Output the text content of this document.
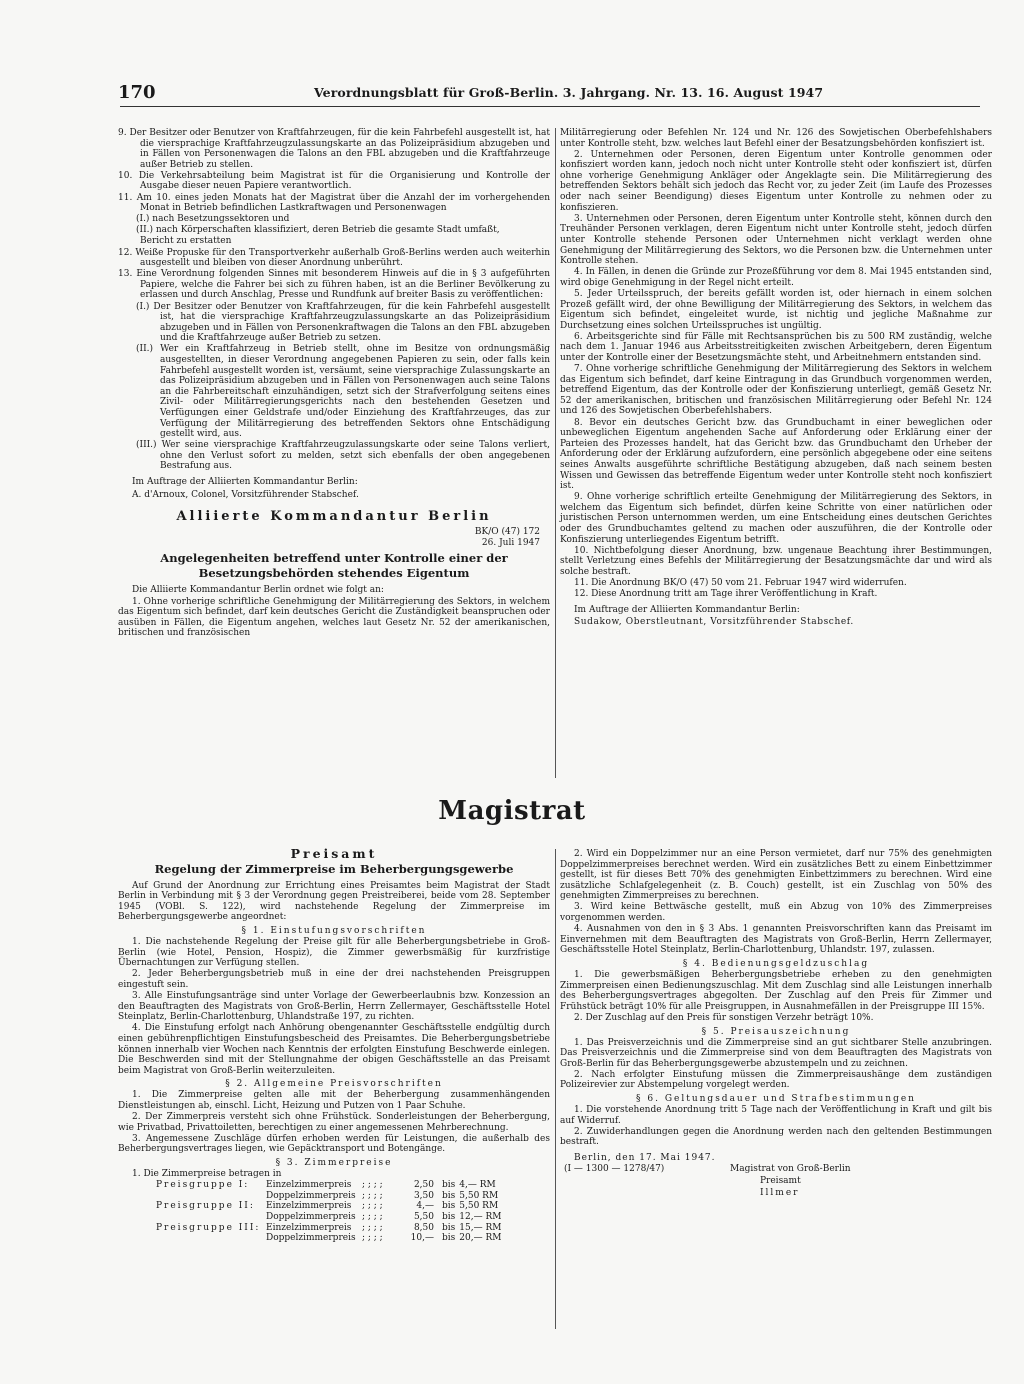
170	Verordnungsblatt für Groß-Berlin. 3. Jahrgang. Nr. 13. 16. August 1947

9. Der Besitzer oder Benutzer von Kraftfahrzeugen, für die kein Fahrbefehl ausgestellt ist, hat die viersprachige Kraftfahrzeugzulassungskarte an das Polizeipräsidium abzugeben und in Fällen von Personenwagen die Talons an den FBL abzugeben und die Kraftfahrzeuge außer Betrieb zu stellen.

10. Die Verkehrsabteilung beim Magistrat ist für die Organisierung und Kontrolle der Ausgabe dieser neuen Papiere verantwortlich.

11. Am 10. eines jeden Monats hat der Magistrat über die Anzahl der im vorhergehenden Monat in Betrieb befindlichen Lastkraftwagen und Personenwagen

(I.) nach Besetzungssektoren und

(II.) nach Körperschaften klassifiziert, deren Betrieb die gesamte Stadt umfaßt,

Bericht zu erstatten

12. Weiße Propuske für den Transportverkehr außerhalb Groß-Berlins werden auch weiterhin ausgestellt und bleiben von dieser Anordnung unberührt.

13. Eine Verordnung folgenden Sinnes mit besonderem Hinweis auf die in § 3 aufgeführten Papiere, welche die Fahrer bei sich zu führen haben, ist an die Berliner Bevölkerung zu erlassen und durch Anschlag, Presse und Rundfunk auf breiter Basis zu veröffentlichen:

(I.) Der Besitzer oder Benutzer von Kraftfahrzeugen, für die kein Fahrbefehl ausgestellt ist, hat die viersprachige Kraftfahrzeugzulassungskarte an das Polizeipräsidium abzugeben und in Fällen von Personenkraftwagen die Talons an den FBL abzugeben und die Kraftfahrzeuge außer Betrieb zu setzen.

(II.) Wer ein Kraftfahrzeug in Betrieb stellt, ohne im Besitze von ordnungsmäßig ausgestellten, in dieser Verordnung angegebenen Papieren zu sein, oder falls kein Fahrbefehl ausgestellt worden ist, versäumt, seine viersprachige Zulassungskarte an das Polizeipräsidium abzugeben und in Fällen von Personenwagen auch seine Talons an die Fahrbereitschaft einzuhändigen, setzt sich der Strafverfolgung seitens eines Zivil- oder Militärregierungsgerichts nach den bestehenden Gesetzen und Verfügungen einer Geldstrafe und/oder Einziehung des Kraftfahrzeuges, das zur Verfügung der Militärregierung des betreffenden Sektors ohne Entschädigung gestellt wird, aus.

(III.) Wer seine viersprachige Kraftfahrzeugzulassungskarte oder seine Talons verliert, ohne den Verlust sofort zu melden, setzt sich ebenfalls der oben angegebenen Bestrafung aus.

Im Auftrage der Alliierten Kommandantur Berlin:

A. d'Arnoux, Colonel, Vorsitzführender Stabschef.

Alliierte Kommandantur Berlin

BK/O (47) 172

26. Juli 1947

Angelegenheiten betreffend unter Kontrolle einer der Besetzungsbehörden stehendes Eigentum

Die Alliierte Kommandantur Berlin ordnet wie folgt an:

1. Ohne vorherige schriftliche Genehmigung der Militärregierung des Sektors, in welchem das Eigentum sich befindet, darf kein deutsches Gericht die Zuständigkeit beanspruchen oder ausüben in Fällen, die Eigentum angehen, welches laut Gesetz Nr. 52 der amerikanischen, britischen und französischen

Militärregierung oder Befehlen Nr. 124 und Nr. 126 des Sowjetischen Oberbefehlshabers unter Kontrolle steht, bzw. welches laut Befehl einer der Besatzungsbehörden konfisziert ist.

2. Unternehmen oder Personen, deren Eigentum unter Kontrolle genommen oder konfisziert worden kann, jedoch noch nicht unter Kontrolle steht oder konfisziert ist, dürfen ohne vorherige Genehmigung Ankläger oder Angeklagte sein. Die Militärregierung des betreffenden Sektors behält sich jedoch das Recht vor, zu jeder Zeit (im Laufe des Prozesses oder nach seiner Beendigung) dieses Eigentum unter Kontrolle zu nehmen oder zu konfiszieren.

3. Unternehmen oder Personen, deren Eigentum unter Kontrolle steht, können durch den Treuhänder Personen verklagen, deren Eigentum nicht unter Kontrolle steht, jedoch dürfen unter Kontrolle stehende Personen oder Unternehmen nicht verklagt werden ohne Genehmigung der Militärregierung des Sektors, wo die Personen bzw. die Unternehmen unter Kontrolle stehen.

4. In Fällen, in denen die Gründe zur Prozeßführung vor dem 8. Mai 1945 entstanden sind, wird obige Genehmigung in der Regel nicht erteilt.

5. Jeder Urteilsspruch, der bereits gefällt worden ist, oder hiernach in einem solchen Prozeß gefällt wird, der ohne Bewilligung der Militärregierung des Sektors, in welchem das Eigentum sich befindet, eingeleitet wurde, ist nichtig und jegliche Maßnahme zur Durchsetzung eines solchen Urteilsspruches ist ungültig.

6. Arbeitsgerichte sind für Fälle mit Rechtsansprüchen bis zu 500 RM zuständig, welche nach dem 1. Januar 1946 aus Arbeitsstreitigkeiten zwischen Arbeitgebern, deren Eigentum unter der Kontrolle einer der Besetzungsmächte steht, und Arbeitnehmern entstanden sind.

7. Ohne vorherige schriftliche Genehmigung der Militärregierung des Sektors in welchem das Eigentum sich befindet, darf keine Eintragung in das Grundbuch vorgenommen werden, betreffend Eigentum, das der Kontrolle oder der Konfiszierung unterliegt, gemäß Gesetz Nr. 52 der amerikanischen, britischen und französischen Militärregierung oder Befehl Nr. 124 und 126 des Sowjetischen Oberbefehlshabers.

8. Bevor ein deutsches Gericht bzw. das Grundbuchamt in einer beweglichen oder unbeweglichen Eigentum angehenden Sache auf Anforderung oder Erklärung einer der Parteien des Prozesses handelt, hat das Gericht bzw. das Grundbuchamt den Urheber der Anforderung oder der Erklärung aufzufordern, eine persönlich abgegebene oder eine seitens seines Anwalts ausgeführte schriftliche Bestätigung abzugeben, daß nach seinem besten Wissen und Gewissen das betreffende Eigentum weder unter Kontrolle steht noch konfisziert ist.

9. Ohne vorherige schriftlich erteilte Genehmigung der Militärregierung des Sektors, in welchem das Eigentum sich befindet, dürfen keine Schritte von einer natürlichen oder juristischen Person unternommen werden, um eine Entscheidung eines deutschen Gerichtes oder des Grundbuchamtes geltend zu machen oder auszuführen, die der Kontrolle oder Konfiszierung unterliegendes Eigentum betrifft.

10. Nichtbefolgung dieser Anordnung, bzw. ungenaue Beachtung ihrer Bestimmungen, stellt Verletzung eines Befehls der Militärregierung der Besatzungsmächte dar und wird als solche bestraft.

11. Die Anordnung BK/O (47) 50 vom 21. Februar 1947 wird widerrufen.

12. Diese Anordnung tritt am Tage ihrer Veröffentlichung in Kraft.

Im Auftrage der Alliierten Kommandantur Berlin:

Sudakow, Oberstleutnant, Vorsitzführender Stabschef.

Magistrat
Preisamt
Regelung der Zimmerpreise im Beherbergungsgewerbe

Auf Grund der Anordnung zur Errichtung eines Preisamtes beim Magistrat der Stadt Berlin in Verbindung mit § 3 der Verordnung gegen Preistreiberei, beide vom 28. September 1945 (VOBl. S. 122), wird nachstehende Regelung der Zimmerpreise im Beherbergungsgewerbe angeordnet:

§ 1. Einstufungsvorschriften

1. Die nachstehende Regelung der Preise gilt für alle Beherbergungsbetriebe in Groß-Berlin (wie Hotel, Pension, Hospiz), die Zimmer gewerbsmäßig für kurzfristige Übernachtungen zur Verfügung stellen.

2. Jeder Beherbergungsbetrieb muß in eine der drei nachstehenden Preisgruppen eingestuft sein.

3. Alle Einstufungsanträge sind unter Vorlage der Gewerbeerlaubnis bzw. Konzession an den Beauftragten des Magistrats von Groß-Berlin, Herrn Zellermayer, Geschäftsstelle Hotel Steinplatz, Berlin-Charlottenburg, Uhlandstraße 197, zu richten.

4. Die Einstufung erfolgt nach Anhörung obengenannter Geschäftsstelle endgültig durch einen gebührenpflichtigen Einstufungsbescheid des Preisamtes. Die Beherbergungsbetriebe können innerhalb vier Wochen nach Kenntnis der erfolgten Einstufung Beschwerde einlegen. Die Beschwerden sind mit der Stellungnahme der obigen Geschäftsstelle an das Preisamt beim Magistrat von Groß-Berlin weiterzuleiten.

§ 2. Allgemeine Preisvorschriften

1. Die Zimmerpreise gelten alle mit der Beherbergung zusammenhängenden Dienstleistungen ab, einschl. Licht, Heizung und Putzen von 1 Paar Schuhe.

2. Der Zimmerpreis versteht sich ohne Frühstück. Sonderleistungen der Beherbergung, wie Privatbad, Privattoiletten, berechtigen zu einer angemessenen Mehrberechnung.

3. Angemessene Zuschläge dürfen erhoben werden für Leistungen, die außerhalb des Beherbergungsvertrages liegen, wie Gepäcktransport und Botengänge.

§ 3. Zimmerpreise

1. Die Zimmerpreise betragen in

Preisgruppe I:	Einzelzimmerpreis	; ; ; ;	2,50	bis	4,— RM
	Doppelzimmerpreis	; ; ; ;	3,50	bis	5,50 RM
Preisgruppe II:	Einzelzimmerpreis	; ; ; ;	4,—	bis	5,50 RM
	Doppelzimmerpreis	; ; ; ;	5,50	bis	12,— RM
Preisgruppe III:	Einzelzimmerpreis	; ; ; ;	8,50	bis	15,— RM
	Doppelzimmerpreis	; ; ; ;	10,—	bis	20,— RM

2. Wird ein Doppelzimmer nur an eine Person vermietet, darf nur 75% des genehmigten Doppelzimmerpreises berechnet werden. Wird ein zusätzliches Bett zu einem Einbettzimmer gestellt, ist für dieses Bett 70% des genehmigten Einbettzimmers zu berechnen. Wird eine zusätzliche Schlafgelegenheit (z. B. Couch) gestellt, ist ein Zuschlag von 50% des genehmigten Zimmerpreises zu berechnen.

3. Wird keine Bettwäsche gestellt, muß ein Abzug von 10% des Zimmerpreises vorgenommen werden.

4. Ausnahmen von den in § 3 Abs. 1 genannten Preisvorschriften kann das Preisamt im Einvernehmen mit dem Beauftragten des Magistrats von Groß-Berlin, Herrn Zellermayer, Geschäftsstelle Hotel Steinplatz, Berlin-Charlottenburg, Uhlandstr. 197, zulassen.

§ 4. Bedienungsgeldzuschlag

1. Die gewerbsmäßigen Beherbergungsbetriebe erheben zu den genehmigten Zimmerpreisen einen Bedienungszuschlag. Mit dem Zuschlag sind alle Leistungen innerhalb des Beherbergungsvertrages abgegolten. Der Zuschlag auf den Preis für Zimmer und Frühstück beträgt 10% für alle Preisgruppen, in Ausnahmefällen in der Preisgruppe III 15%.

2. Der Zuschlag auf den Preis für sonstigen Verzehr beträgt 10%.

§ 5. Preisauszeichnung

1. Das Preisverzeichnis und die Zimmerpreise sind an gut sichtbarer Stelle anzubringen. Das Preisverzeichnis und die Zimmerpreise sind von dem Beauftragten des Magistrats von Groß-Berlin für das Beherbergungsgewerbe abzustempeln und zu zeichnen.

2. Nach erfolgter Einstufung müssen die Zimmerpreisaushänge dem zuständigen Polizeirevier zur Abstempelung vorgelegt werden.

§ 6. Geltungsdauer und Strafbestimmungen

1. Die vorstehende Anordnung tritt 5 Tage nach der Veröffentlichung in Kraft und gilt bis auf Widerruf.

2. Zuwiderhandlungen gegen die Anordnung werden nach den geltenden Bestimmungen bestraft.

Berlin, den 17. Mai 1947.

(I — 1300 — 1278/47)	Magistrat von Groß-Berlin
Preisamt
Illmer
